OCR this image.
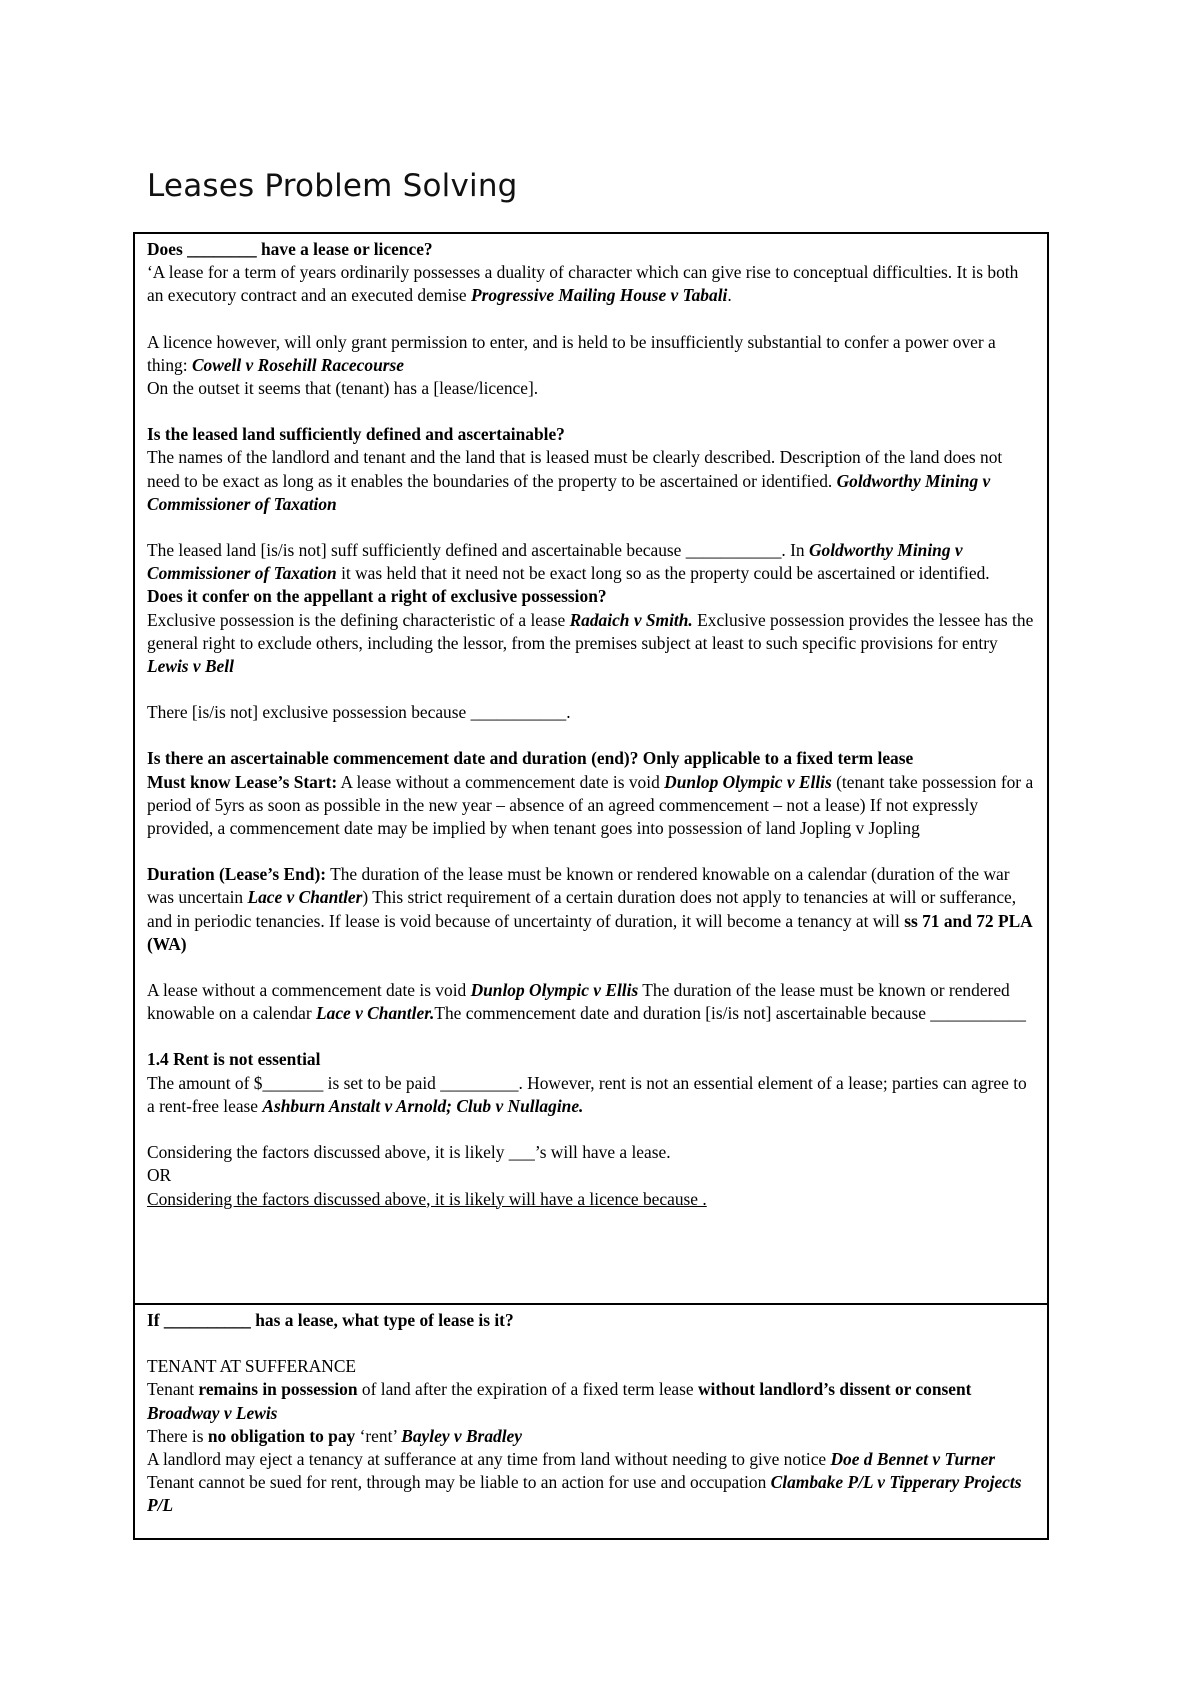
Leases Problem Solving

Does ________ have a lease or licence?

‘A lease for a term of years ordinarily possesses a duality of character which can give rise to conceptual difficulties. It is both an executory contract and an executed demise Progressive Mailing House v Tabali.

A licence however, will only grant permission to enter, and is held to be insufficiently substantial to confer a power over a thing: Cowell v Rosehill Racecourse

On the outset it seems that (tenant) has a [lease/licence].

Is the leased land sufficiently defined and ascertainable?

The names of the landlord and tenant and the land that is leased must be clearly described. Description of the land does not need to be exact as long as it enables the boundaries of the property to be ascertained or identified. Goldworthy Mining v Commissioner of Taxation

The leased land [is/is not] suff sufficiently defined and ascertainable because ___________. In Goldworthy Mining v Commissioner of Taxation it was held that it need not be exact long so as the property could be ascertained or identified.

Does it confer on the appellant a right of exclusive possession?

Exclusive possession is the defining characteristic of a lease Radaich v Smith. Exclusive possession provides the lessee has the general right to exclude others, including the lessor, from the premises subject at least to such specific provisions for entry Lewis v Bell

There [is/is not] exclusive possession because ___________.

Is there an ascertainable commencement date and duration (end)? Only applicable to a fixed term lease

Must know Lease’s Start: A lease without a commencement date is void Dunlop Olympic v Ellis (tenant take possession for a period of 5yrs as soon as possible in the new year – absence of an agreed commencement – not a lease) If not expressly provided, a commencement date may be implied by when tenant goes into possession of land Jopling v Jopling

Duration (Lease’s End): The duration of the lease must be known or rendered knowable on a calendar (duration of the war was uncertain Lace v Chantler) This strict requirement of a certain duration does not apply to tenancies at will or sufferance, and in periodic tenancies. If lease is void because of uncertainty of duration, it will become a tenancy at will ss 71 and 72 PLA (WA)

A lease without a commencement date is void Dunlop Olympic v Ellis The duration of the lease must be known or rendered knowable on a calendar Lace v Chantler.The commencement date and duration [is/is not] ascertainable because ___________

1.4 Rent is not essential

The amount of $_______ is set to be paid _________. However, rent is not an essential element of a lease; parties can agree to a rent-free lease Ashburn Anstalt v Arnold; Club v Nullagine.

Considering the factors discussed above, it is likely ___’s will have a lease.

OR

Considering the factors discussed above, it is likely will have a licence because .

If __________ has a lease, what type of lease is it?

TENANT AT SUFFERANCE

Tenant remains in possession of land after the expiration of a fixed term lease without landlord’s dissent or consent Broadway v Lewis

There is no obligation to pay ‘rent’ Bayley v Bradley

A landlord may eject a tenancy at sufferance at any time from land without needing to give notice Doe d Bennet v Turner

Tenant cannot be sued for rent, through may be liable to an action for use and occupation Clambake P/L v Tipperary Projects P/L
